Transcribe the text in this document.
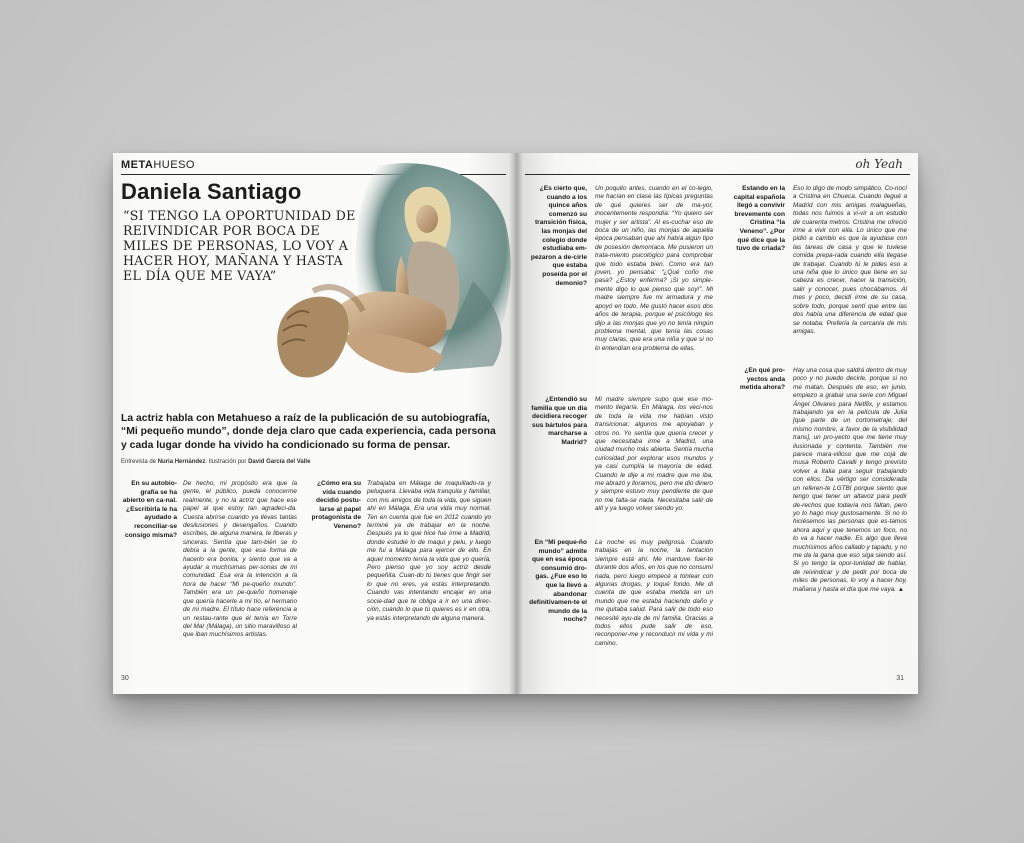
METAHUESO
Daniela Santiago
“SI TENGO LA OPORTUNIDAD DE REIVINDICAR POR BOCA DE MILES DE PERSONAS, LO VOY A HACER HOY, MAÑANA Y HASTA EL DÍA QUE ME VAYA”
La actriz habla con Metahueso a raíz de la publicación de su autobiografía, “Mi pequeño mundo”, donde deja claro que cada experiencia, cada persona y cada lugar donde ha vivido ha condicionado su forma de pensar.
Entrevista de Nuria Hernández. Ilustración por David García del Valle
En su autobio-grafía se ha abierto en ca-nal. ¿Escribirla le ha ayudado a reconciliar-se consigo misma?
De hecho, mi propósito era que la gente, el público, pueda conocerme realmente, y no la actriz que hace ese papel al que estoy tan agradeci-da. Cuesta abrirse cuando ya llevas tantas desilusiones y desengaños. Cuando escribes, de alguna manera, te liberas y sinceras. Sentía que tam-bién se lo debía a la gente, que esa forma de hacerlo era bonita, y siento que va a ayudar a muchísimas per-sonas de mi comunidad. Esa era la intención a la hora de hacer “Mi pe-queño mundo”. También era un pe-queño homenaje que quería hacerle a mi tío, el hermano de mi madre. El título hace referencia a un restau-rante que él tenía en Torre del Mar (Málaga), un sitio maravilloso al que iban muchísimos artistas.
¿Cómo era su vida cuando decidió postu-larse al papel protagonista de Veneno?
Trabajaba en Málaga de maquillado-ra y peluquera. Llevaba vida tranquila y familiar, con mis amigos de toda la vida, que siguen ahí en Málaga. Era una vida muy normal. Ten en cuenta que fue en 2012 cuando yo terminé ya de trabajar en la noche. Después ya lo que hice fue irme a Madrid, donde estudié lo de maqui y pelu, y luego me fui a Málaga para ejercer de ello. En aquel momento tenía la vida que yo quería. Pero pienso que yo soy actriz desde pequeñita. Cuan-do tú tienes que fingir ser lo que no eres, ya estás interpretando. Cuando vas intentando encajar en una socie-dad que te obliga a ir en una direc-ción, cuando lo que tú quieres es ir en otra, ya estás interpretando de alguna manera.
30
oh Yeah
¿Es cierto que, cuando a los quince años comenzó su transición física, las monjas del colegio donde estudiaba em-pezaron a de-cirle que estaba poseída por el demonio?
Un poquito antes, cuando en el co-legio, me hacían en clase las típicas preguntas de qué quieres ser de ma-yor, inocentemente respondía: “Yo quiero ser mujer y ser artista”. Al es-cuchar eso de boca de un niño, las monjas de aquella época pensaban que ahí había algún tipo de posesión demoníaca. Me pusieron un trata-miento psicológico para comprobar que todo estaba bien. Como era tan joven, yo pensaba: “¿Qué coño me pasa? ¿Estoy enferma? ¡Si yo simple-mente digo lo que pienso que soy!”. Mi madre siempre fue mi armadura y me apoyó en todo. Me gustó hacer esos dos años de terapia, porque el psicólogo les dijo a las monjas que yo no tenía ningún problema mental, que tenía las cosas muy claras, que era una niña y que si no lo entendían era problema de ellas.
¿Entendió su familia que un día decidiera recoger sus bártulos para marcharse a Madrid?
Mi madre siempre supo que ese mo-mento llegaría. En Málaga, los veci-nos de toda la vida me habían visto transicionar; algunos me apoyaban y otros no. Yo sentía que quería crecer y que necesitaba irme a Madrid, una ciudad mucho más abierta. Sentía mucha curiosidad por explorar esos mundos y ya casi cumplía la mayoría de edad. Cuando le dije a mi madre que me iba, me abrazó y lloramos, pero me dio dinero y siempre estuvo muy pendiente de que no me falta-se nada. Necesitaba salir de allí y ya luego volver siendo yo.
En “Mi peque-ño mundo” admite que en esa época consumió dro-gas. ¿Fue eso lo que la llevó a abandonar definitivamen-te el mundo de la noche?
La noche es muy peligrosa. Cuando trabajas en la noche, la tentación siempre está ahí. Me mantuve fuer-te durante dos años, en los que no consumí nada, pero luego empecé a tontear con algunas drogas, y toqué fondo. Me di cuenta de que estaba metida en un mundo que me estaba haciendo daño y me quitaba salud. Para salir de todo eso necesité ayu-da de mi familia. Gracias a todos ellos pude salir de eso, reconponer-me y reconducir mi vida y mi camino.
Estando en la capital española llegó a convivir brevemente con Cristina “la Veneno”. ¿Por qué dice que la tuvo de criada?
Eso lo digo de modo simpático. Co-nocí a Cristina en Chueca. Cuando llegué a Madrid con mis amigas malagueñas, todas nos fuimos a vi-vir a un estudio de cuarenta metros. Cristina me ofreció irme a vivir con ella. Lo único que me pidió a cambio es que la ayudase con las tareas de casa y que le tuviese comida prepa-rada cuando ella llegase de trabajar. Cuando tú le pides eso a una niña que lo único que tiene en su cabeza es crecer, hacer la transición, salir y conocer, pues chocábamos. Al mes y poco, decidí irme de su casa, sobre todo, porque sentí que entre las dos había una diferencia de edad que se notaba. Prefería la cercanía de mis amigas.
¿En qué pro-yectos anda metida ahora?
Hay una cosa que saldrá dentro de muy poco y no puedo decirle, porque si no me matan. Después de eso, en junio, empiezo a grabar una serie con Miguel Ángel Olivares para Netflix, y estamos trabajando ya en la película de Julia [que parte de un cortometraje, del mismo nombre, a favor de la visibilidad trans], un pro-yecto que me tiene muy ilusionada y contenta. También me parece mara-villoso que me cojá de musa Roberto Cavalli y tengo previsto volver a Italia para seguir trabajando con ellos. Da vértigo ser considerada un referen-te LGTBI porque siento que tengo que tener un altavoz para pedir de-rechos que todavía nos faltan, pero yo lo hago muy gustosamente. Si no lo hiciésemos las personas que es-tamos ahora aquí y que tenemos un foco, no lo va a hacer nadie. Es algo que lleva muchísimos años callado y tapado, y no me da la gana que eso siga siendo así. Si yo tengo la opor-tunidad de hablar, de reivindicar y de pedir por boca de miles de personas, lo voy a hacer hoy, mañana y hasta el día que me vaya. ▲
31
